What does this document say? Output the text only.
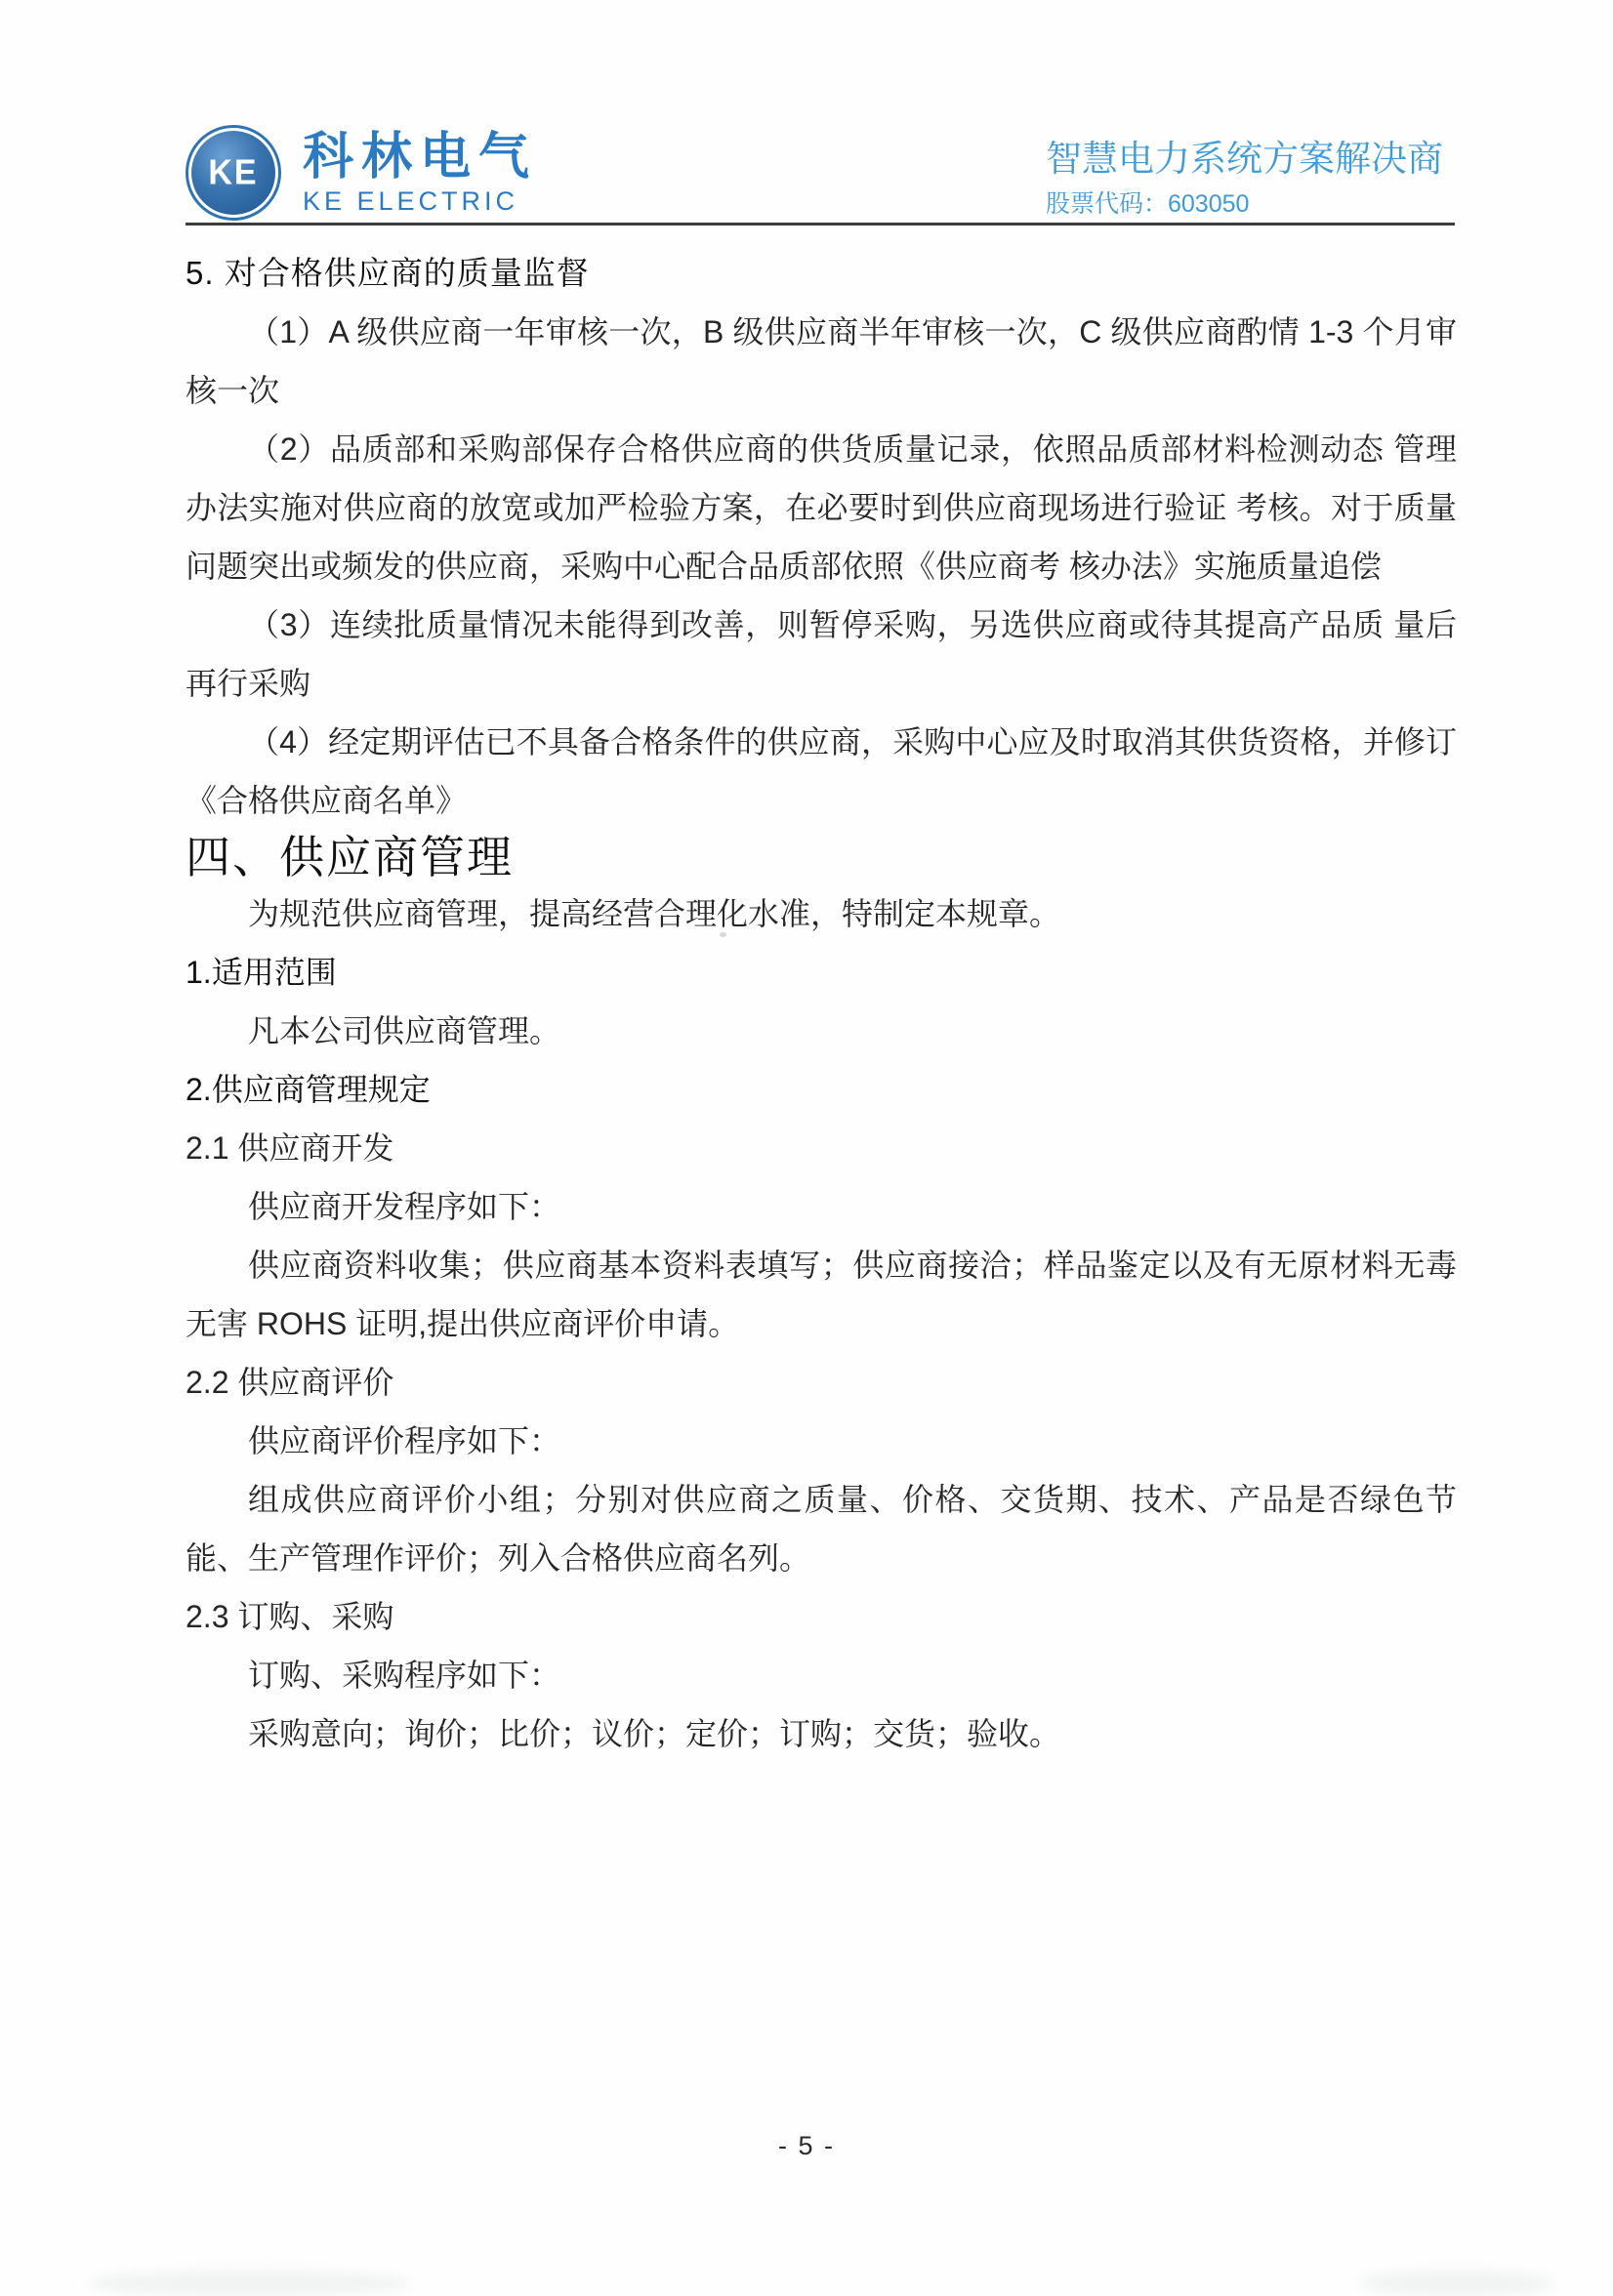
KE 科林电气
KE ELECTRIC
智慧电力系统方案解决商
股票代码：603050
5. 对合格供应商的质量监督

（1）A 级供应商一年审核一次，B 级供应商半年审核一次，C 级供应商酌情 1-3 个月审核一次

（2）品质部和采购部保存合格供应商的供货质量记录，依照品质部材料检测动态 管理办法实施对供应商的放宽或加严检验方案，在必要时到供应商现场进行验证 考核。对于质量问题突出或频发的供应商，采购中心配合品质部依照《供应商考 核办法》实施质量追偿

（3）连续批质量情况未能得到改善，则暂停采购，另选供应商或待其提高产品质 量后再行采购

（4）经定期评估已不具备合格条件的供应商，采购中心应及时取消其供货资格，并修订《合格供应商名单》

四、供应商管理

为规范供应商管理，提高经营合理化水准，特制定本规章。

1.适用范围

凡本公司供应商管理。

2.供应商管理规定

2.1 供应商开发

供应商开发程序如下：

供应商资料收集；供应商基本资料表填写；供应商接洽；样品鉴定以及有无原材料无毒无害 ROHS 证明,提出供应商评价申请。

2.2 供应商评价

供应商评价程序如下：

组成供应商评价小组；分别对供应商之质量、价格、交货期、技术、产品是否绿色节能、生产管理作评价；列入合格供应商名列。

2.3 订购、采购

订购、采购程序如下：

采购意向；询价；比价；议价；定价；订购；交货；验收。

- 5 -
